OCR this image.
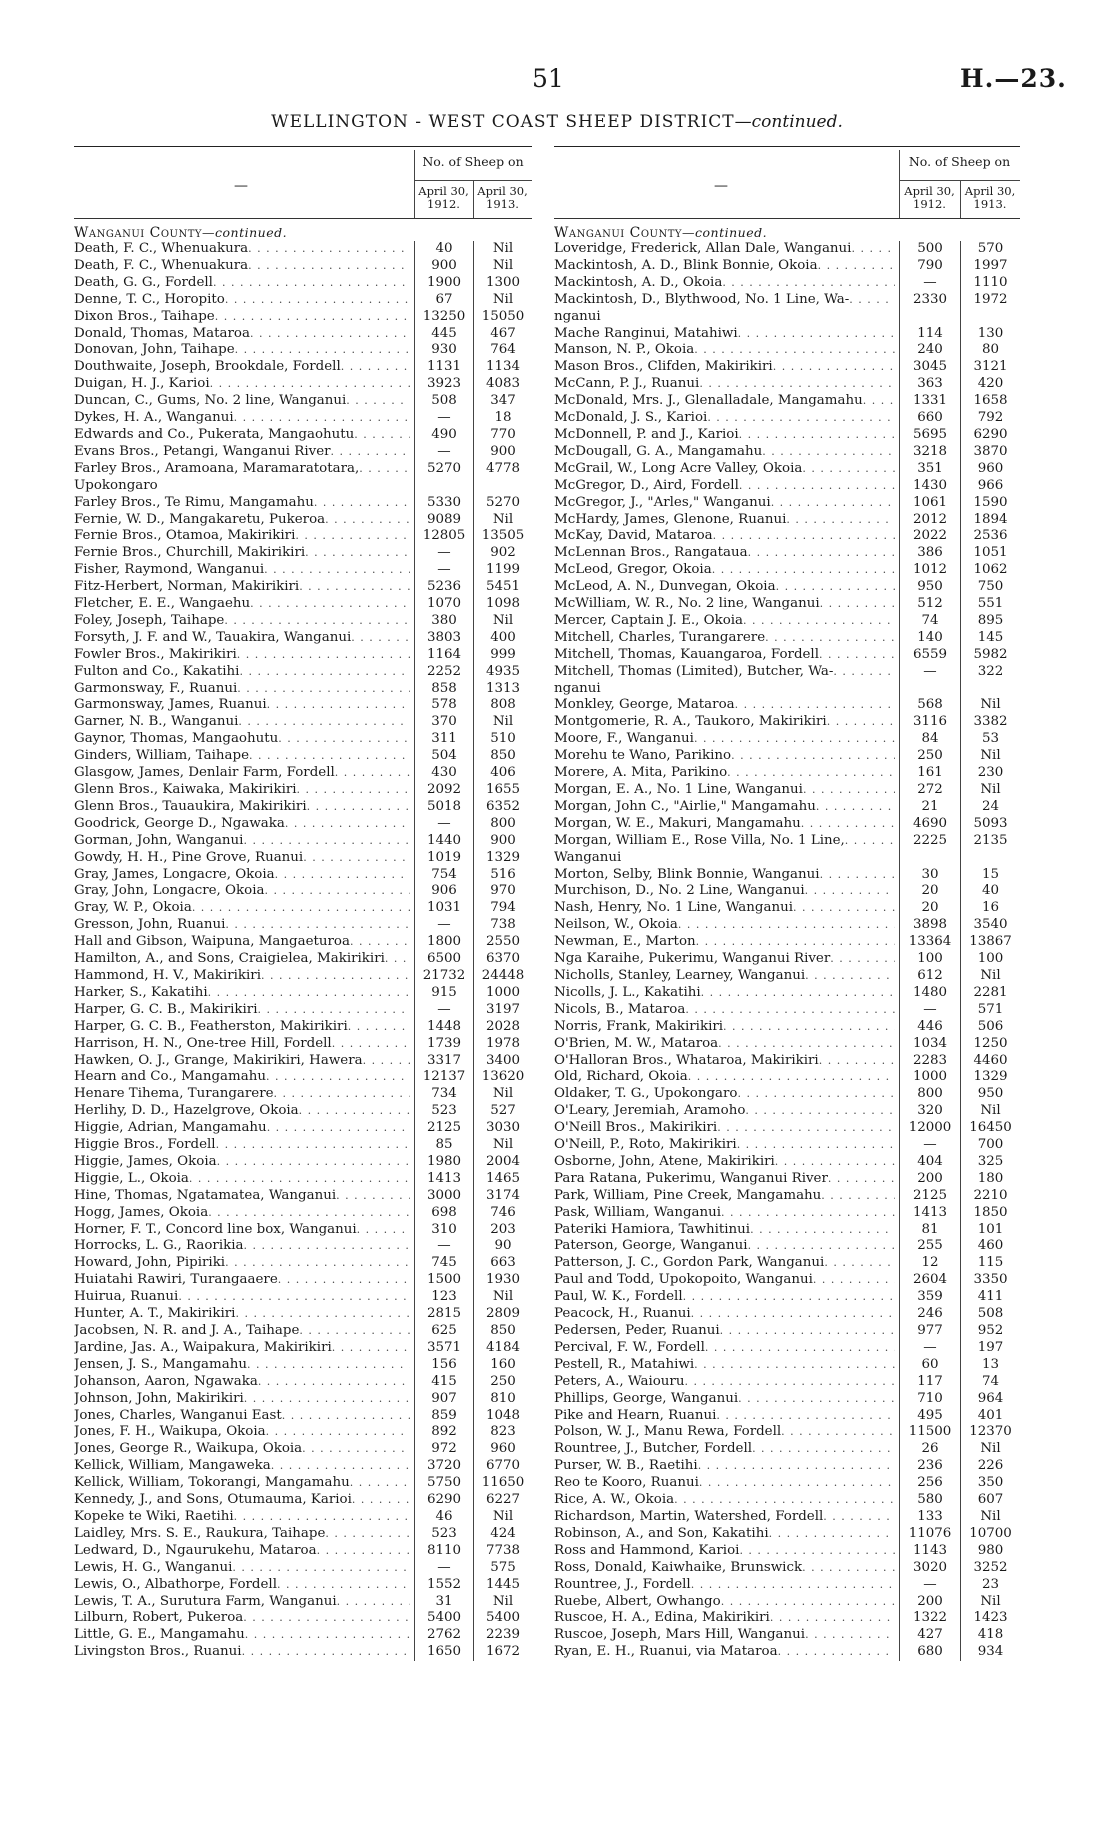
51	H.—23.
WELLINGTON - WEST COAST SHEEP DISTRICT—continued.
—
No. of Sheep on
April 30, 1912.
April 30, 1913.
Wanganui County—continued.
Death, F. C., Whenuakura . . .	40	Nil
Death, F. C., Whenuakura . . .	900	Nil
Death, G. G., Fordell . . .	1900	1300
Denne, T. C., Horopito . . .	67	Nil
Dixon Bros., Taihape . . .	13250	15050
Donald, Thomas, Mataroa . . .	445	467
Donovan, John, Taihape . . .	930	764
Douthwaite, Joseph, Brookdale, Fordell . . .	1131	1134
Duigan, H. J., Karioi . . .	3923	4083
Duncan, C., Gums, No. 2 line, Wanganui . . .	508	347
Dykes, H. A., Wanganui . . .	—	18
Edwards and Co., Pukerata, Mangaohutu . . .	490	770
Evans Bros., Petangi, Wanganui River . . .	—	900
Farley Bros., Aramoana, Maramaratotara, . . .	5270	4778
Upokongaro
Farley Bros., Te Rimu, Mangamahu . . .	5330	5270
Fernie, W. D., Mangakaretu, Pukeroa . . .	9089	Nil
Fernie Bros., Otamoa, Makirikiri . . .	12805	13505
Fernie Bros., Churchill, Makirikiri . . .	—	902
Fisher, Raymond, Wanganui . . .	—	1199
Fitz-Herbert, Norman, Makirikiri . . .	5236	5451
Fletcher, E. E., Wangaehu . . .	1070	1098
Foley, Joseph, Taihape . . .	380	Nil
Forsyth, J. F. and W., Tauakira, Wanganui . . .	3803	400
Fowler Bros., Makirikiri . . .	1164	999
Fulton and Co., Kakatihi . . .	2252	4935
Garmonsway, F., Ruanui . . .	858	1313
Garmonsway, James, Ruanui . . .	578	808
Garner, N. B., Wanganui . . .	370	Nil
Gaynor, Thomas, Mangaohutu . . .	311	510
Ginders, William, Taihape . . .	504	850
Glasgow, James, Denlair Farm, Fordell . . .	430	406
Glenn Bros., Kaiwaka, Makirikiri . . .	2092	1655
Glenn Bros., Tauaukira, Makirikiri . . .	5018	6352
Goodrick, George D., Ngawaka . . .	—	800
Gorman, John, Wanganui . . .	1440	900
Gowdy, H. H., Pine Grove, Ruanui . . .	1019	1329
Gray, James, Longacre, Okoia . . .	754	516
Gray, John, Longacre, Okoia . . .	906	970
Gray, W. P., Okoia . . .	1031	794
Gresson, John, Ruanui . . .	—	738
Hall and Gibson, Waipuna, Mangaeturoa . . .	1800	2550
Hamilton, A., and Sons, Craigielea, Makirikiri . . .	6500	6370
Hammond, H. V., Makirikiri . . .	21732	24448
Harker, S., Kakatihi . . .	915	1000
Harper, G. C. B., Makirikiri . . .	—	3197
Harper, G. C. B., Featherston, Makirikiri . . .	1448	2028
Harrison, H. N., One-tree Hill, Fordell . . .	1739	1978
Hawken, O. J., Grange, Makirikiri, Hawera . . .	3317	3400
Hearn and Co., Mangamahu . . .	12137	13620
Henare Tihema, Turangarere . . .	734	Nil
Herlihy, D. D., Hazelgrove, Okoia . . .	523	527
Higgie, Adrian, Mangamahu . . .	2125	3030
Higgie Bros., Fordell . . .	85	Nil
Higgie, James, Okoia . . .	1980	2004
Higgie, L., Okoia . . .	1413	1465
Hine, Thomas, Ngatamatea, Wanganui . . .	3000	3174
Hogg, James, Okoia . . .	698	746
Horner, F. T., Concord line box, Wanganui . . .	310	203
Horrocks, L. G., Raorikia . . .	—	90
Howard, John, Pipiriki . . .	745	663
Huiatahi Rawiri, Turangaaere . . .	1500	1930
Huirua, Ruanui . . .	123	Nil
Hunter, A. T., Makirikiri . . .	2815	2809
Jacobsen, N. R. and J. A., Taihape . . .	625	850
Jardine, Jas. A., Waipakura, Makirikiri . . .	3571	4184
Jensen, J. S., Mangamahu . . .	156	160
Johanson, Aaron, Ngawaka . . .	415	250
Johnson, John, Makirikiri . . .	907	810
Jones, Charles, Wanganui East . . .	859	1048
Jones, F. H., Waikupa, Okoia . . .	892	823
Jones, George R., Waikupa, Okoia . . .	972	960
Kellick, William, Mangaweka . . .	3720	6770
Kellick, William, Tokorangi, Mangamahu . . .	5750	11650
Kennedy, J., and Sons, Otumauma, Karioi . . .	6290	6227
Kopeke te Wiki, Raetihi . . .	46	Nil
Laidley, Mrs. S. E., Raukura, Taihape . . .	523	424
Ledward, D., Ngaurukehu, Mataroa . . .	8110	7738
Lewis, H. G., Wanganui . . .	—	575
Lewis, O., Albathorpe, Fordell . . .	1552	1445
Lewis, T. A., Surutura Farm, Wanganui . . .	31	Nil
Lilburn, Robert, Pukeroa . . .	5400	5400
Little, G. E., Mangamahu . . .	2762	2239
Livingston Bros., Ruanui . . .	1650	1672
—
No. of Sheep on
April 30, 1912.
April 30, 1913.
Wanganui County—continued.
Loveridge, Frederick, Allan Dale, Wanganui . . .	500	570
Mackintosh, A. D., Blink Bonnie, Okoia . . .	790	1997
Mackintosh, A. D., Okoia . . .	—	1110
Mackintosh, D., Blythwood, No. 1 Line, Wa- . . .	2330	1972
nganui
Mache Ranginui, Matahiwi . . .	114	130
Manson, N. P., Okoia . . .	240	80
Mason Bros., Clifden, Makirikiri . . .	3045	3121
McCann, P. J., Ruanui . . .	363	420
McDonald, Mrs. J., Glenalladale, Mangamahu . . .	1331	1658
McDonald, J. S., Karioi . . .	660	792
McDonnell, P. and J., Karioi . . .	5695	6290
McDougall, G. A., Mangamahu . . .	3218	3870
McGrail, W., Long Acre Valley, Okoia . . .	351	960
McGregor, D., Aird, Fordell . . .	1430	966
McGregor, J., "Arles," Wanganui . . .	1061	1590
McHardy, James, Glenone, Ruanui . . .	2012	1894
McKay, David, Mataroa . . .	2022	2536
McLennan Bros., Rangataua . . .	386	1051
McLeod, Gregor, Okoia . . .	1012	1062
McLeod, A. N., Dunvegan, Okoia . . .	950	750
McWilliam, W. R., No. 2 line, Wanganui . . .	512	551
Mercer, Captain J. E., Okoia . . .	74	895
Mitchell, Charles, Turangarere . . .	140	145
Mitchell, Thomas, Kauangaroa, Fordell . . .	6559	5982
Mitchell, Thomas (Limited), Butcher, Wa- . . .	—	322
nganui
Monkley, George, Mataroa . . .	568	Nil
Montgomerie, R. A., Taukoro, Makirikiri . . .	3116	3382
Moore, F., Wanganui . . .	84	53
Morehu te Wano, Parikino . . .	250	Nil
Morere, A. Mita, Parikino . . .	161	230
Morgan, E. A., No. 1 Line, Wanganui . . .	272	Nil
Morgan, John C., "Airlie," Mangamahu . . .	21	24
Morgan, W. E., Makuri, Mangamahu . . .	4690	5093
Morgan, William E., Rose Villa, No. 1 Line, . . .	2225	2135
Wanganui
Morton, Selby, Blink Bonnie, Wanganui . . .	30	15
Murchison, D., No. 2 Line, Wanganui . . .	20	40
Nash, Henry, No. 1 Line, Wanganui . . .	20	16
Neilson, W., Okoia . . .	3898	3540
Newman, E., Marton . . .	13364	13867
Nga Karaihe, Pukerimu, Wanganui River . . .	100	100
Nicholls, Stanley, Learney, Wanganui . . .	612	Nil
Nicolls, J. L., Kakatihi . . .	1480	2281
Nicols, B., Mataroa . . .	—	571
Norris, Frank, Makirikiri . . .	446	506
O'Brien, M. W., Mataroa . . .	1034	1250
O'Halloran Bros., Whataroa, Makirikiri . . .	2283	4460
Old, Richard, Okoia . . .	1000	1329
Oldaker, T. G., Upokongaro . . .	800	950
O'Leary, Jeremiah, Aramoho . . .	320	Nil
O'Neill Bros., Makirikiri . . .	12000	16450
O'Neill, P., Roto, Makirikiri . . .	—	700
Osborne, John, Atene, Makirikiri . . .	404	325
Para Ratana, Pukerimu, Wanganui River . . .	200	180
Park, William, Pine Creek, Mangamahu . . .	2125	2210
Pask, William, Wanganui . . .	1413	1850
Pateriki Hamiora, Tawhitinui . . .	81	101
Paterson, George, Wanganui . . .	255	460
Patterson, J. C., Gordon Park, Wanganui . . .	12	115
Paul and Todd, Upokopoito, Wanganui . . .	2604	3350
Paul, W. K., Fordell . . .	359	411
Peacock, H., Ruanui . . .	246	508
Pedersen, Peder, Ruanui . . .	977	952
Percival, F. W., Fordell . . .	—	197
Pestell, R., Matahiwi . . .	60	13
Peters, A., Waiouru . . .	117	74
Phillips, George, Wanganui . . .	710	964
Pike and Hearn, Ruanui . . .	495	401
Polson, W. J., Manu Rewa, Fordell . . .	11500	12370
Rountree, J., Butcher, Fordell . . .	26	Nil
Purser, W. B., Raetihi . . .	236	226
Reo te Kooro, Ruanui . . .	256	350
Rice, A. W., Okoia . . .	580	607
Richardson, Martin, Watershed, Fordell . . .	133	Nil
Robinson, A., and Son, Kakatihi . . .	11076	10700
Ross and Hammond, Karioi . . .	1143	980
Ross, Donald, Kaiwhaike, Brunswick . . .	3020	3252
Rountree, J., Fordell . . .	—	23
Ruebe, Albert, Owhango . . .	200	Nil
Ruscoe, H. A., Edina, Makirikiri . . .	1322	1423
Ruscoe, Joseph, Mars Hill, Wanganui . . .	427	418
Ryan, E. H., Ruanui, via Mataroa . . .	680	934
